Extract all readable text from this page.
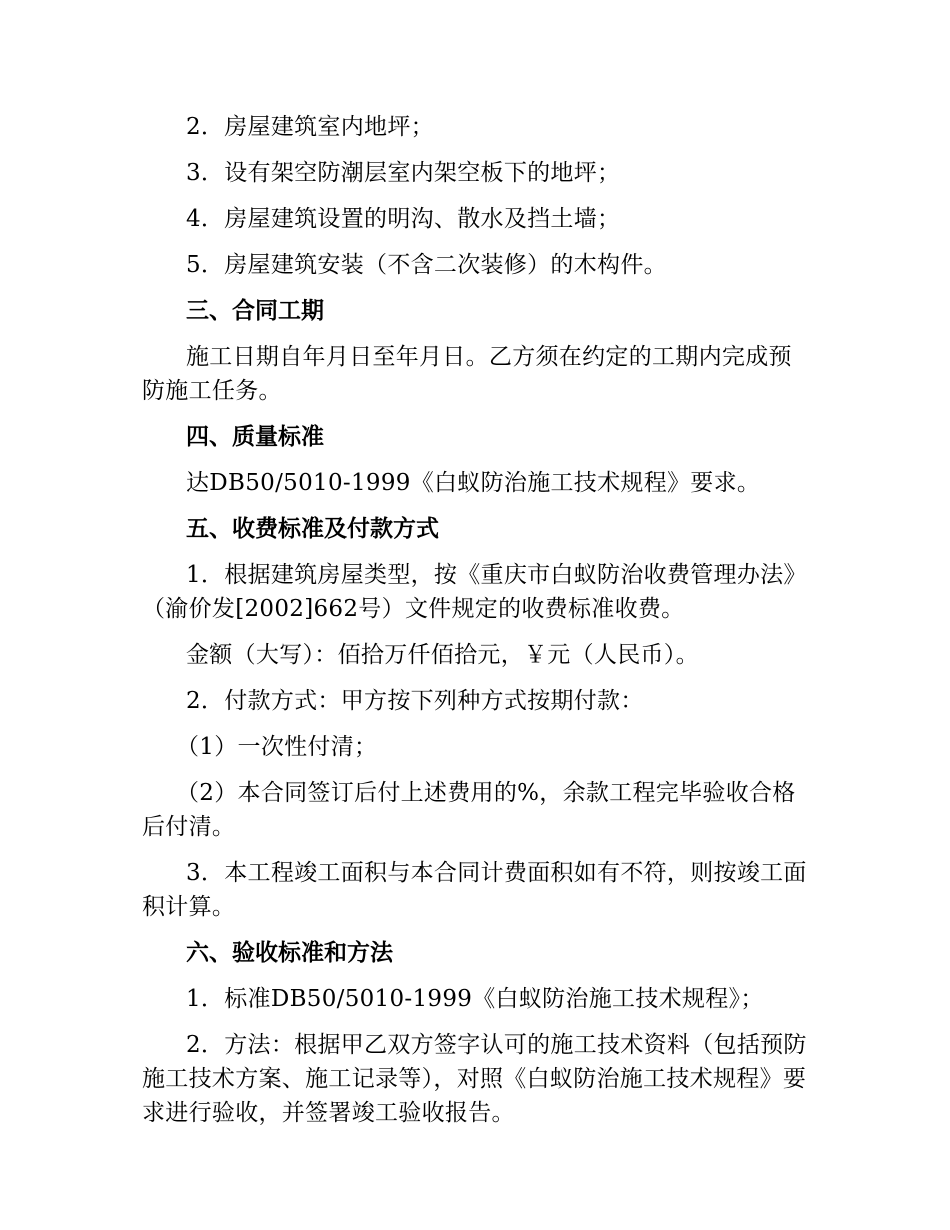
2．房屋建筑室内地坪；

3．设有架空防潮层室内架空板下的地坪；

4．房屋建筑设置的明沟、散水及挡土墙；

5．房屋建筑安装（不含二次装修）的木构件。

三、合同工期

施工日期自年月日至年月日。乙方须在约定的工期内完成预防施工任务。

四、质量标准

达DB50/5010-1999《白蚁防治施工技术规程》要求。

五、收费标准及付款方式

1．根据建筑房屋类型，按《重庆市白蚁防治收费管理办法》（渝价发[2002]662号）文件规定的收费标准收费。

金额（大写）：佰拾万仟佰拾元，￥元（人民币）。

2．付款方式：甲方按下列种方式按期付款：

（1）一次性付清；

（2）本合同签订后付上述费用的%，余款工程完毕验收合格后付清。

3．本工程竣工面积与本合同计费面积如有不符，则按竣工面积计算。

六、验收标准和方法

1．标准DB50/5010-1999《白蚁防治施工技术规程》；

2．方法：根据甲乙双方签字认可的施工技术资料（包括预防施工技术方案、施工记录等），对照《白蚁防治施工技术规程》要求进行验收，并签署竣工验收报告。
